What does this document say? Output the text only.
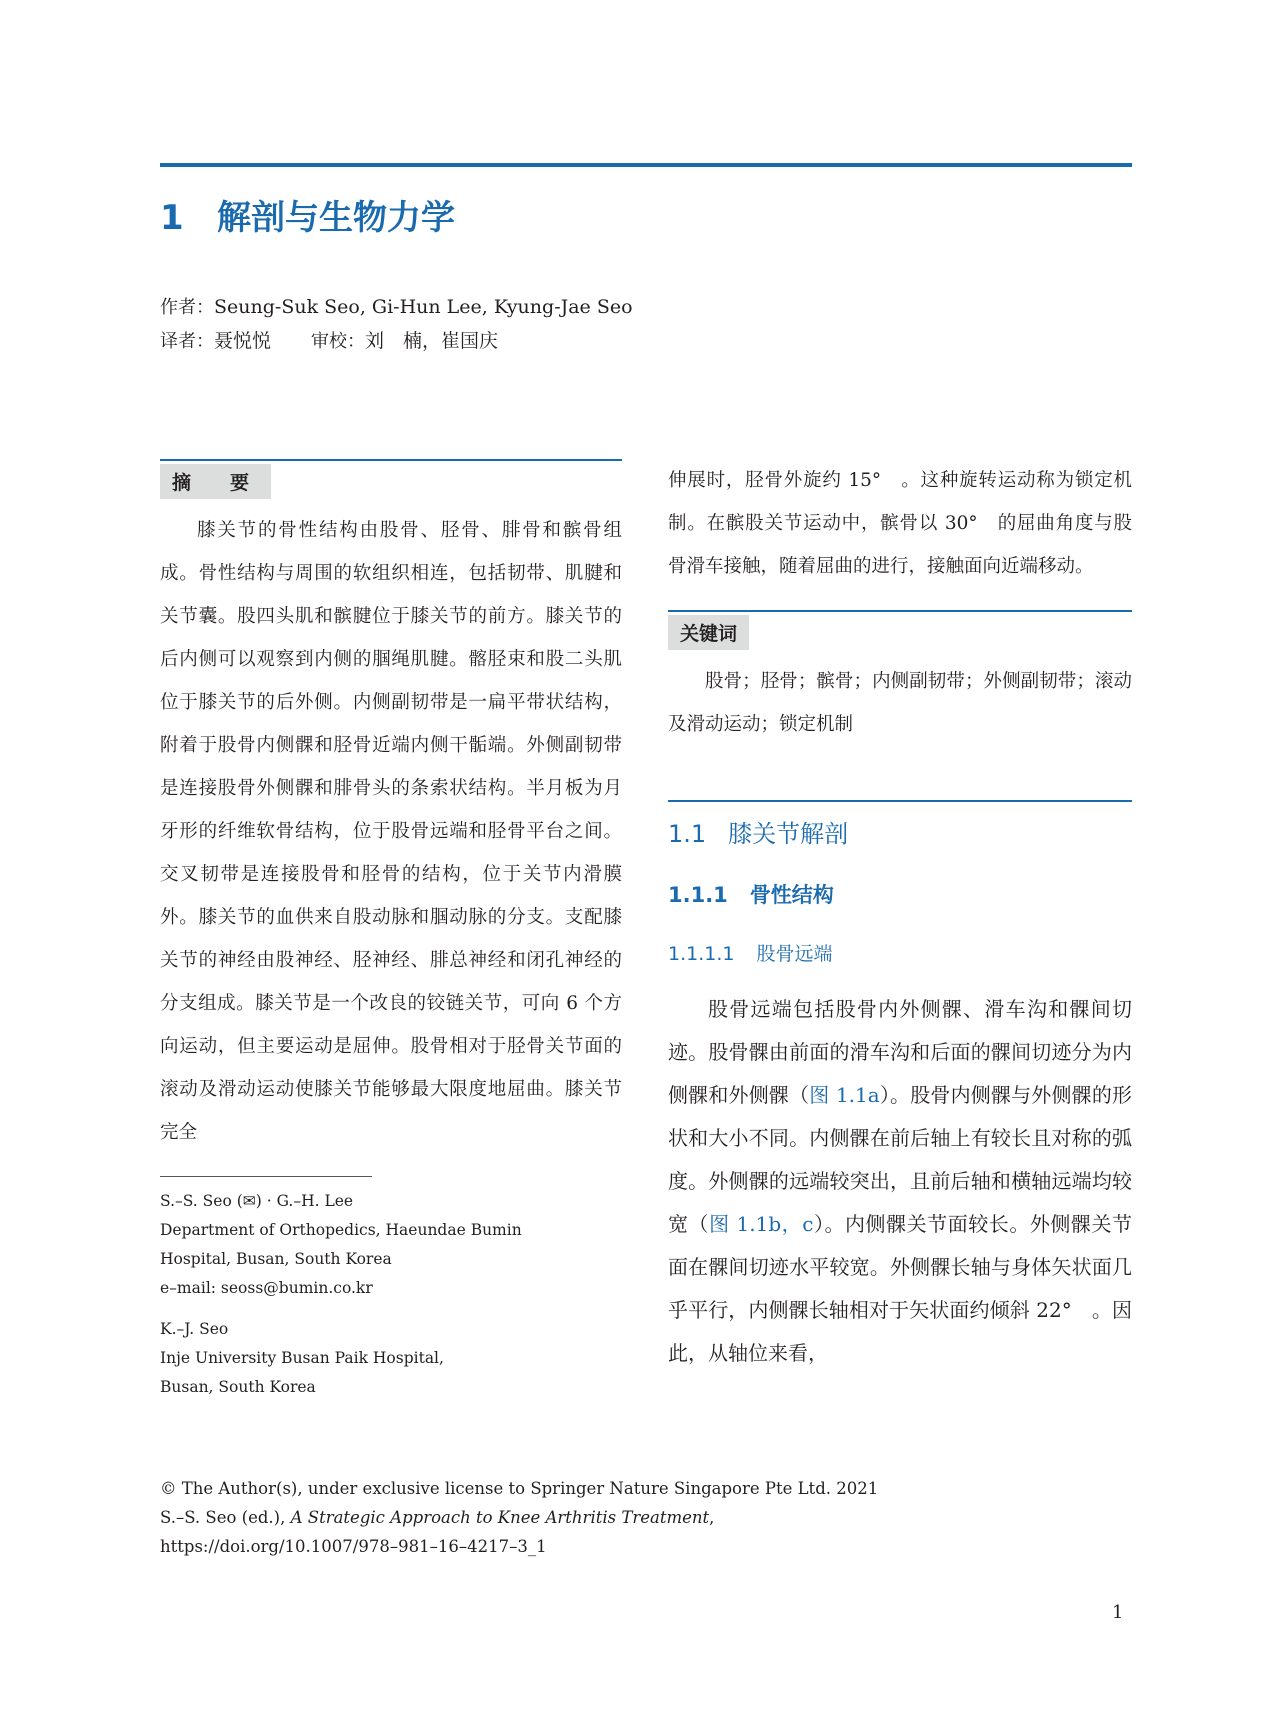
1 解剖与生物力学
作者：Seung-Suk Seo, Gi-Hun Lee, Kyung-Jae Seo
译者：聂悦悦 审校：刘　楠，崔国庆
摘　要

膝关节的骨性结构由股骨、胫骨、腓骨和髌骨组成。骨性结构与周围的软组织相连，包括韧带、肌腱和关节囊。股四头肌和髌腱位于膝关节的前方。膝关节的后内侧可以观察到内侧的腘绳肌腱。髂胫束和股二头肌位于膝关节的后外侧。内侧副韧带是一扁平带状结构，附着于股骨内侧髁和胫骨近端内侧干骺端。外侧副韧带是连接股骨外侧髁和腓骨头的条索状结构。半月板为月牙形的纤维软骨结构，位于股骨远端和胫骨平台之间。交叉韧带是连接股骨和胫骨的结构，位于关节内滑膜外。膝关节的血供来自股动脉和腘动脉的分支。支配膝关节的神经由股神经、胫神经、腓总神经和闭孔神经的分支组成。膝关节是一个改良的铰链关节，可向 6 个方向运动，但主要运动是屈伸。股骨相对于胫骨关节面的滚动及滑动运动使膝关节能够最大限度地屈曲。膝关节完全

S.–S. Seo (✉) · G.–H. Lee
Department of Orthopedics, Haeundae Bumin
Hospital, Busan, South Korea
e–mail: seoss@bumin.co.kr
K.–J. Seo
Inje University Busan Paik Hospital,
Busan, South Korea

伸展时，胫骨外旋约 15°　。这种旋转运动称为锁定机制。在髌股关节运动中，髌骨以 30°　的屈曲角度与股骨滑车接触，随着屈曲的进行，接触面向近端移动。

关键词

股骨；胫骨；髌骨；内侧副韧带；外侧副韧带；滚动及滑动运动；锁定机制

1.1 膝关节解剖
1.1.1 骨性结构
1.1.1.1 股骨远端

股骨远端包括股骨内外侧髁、滑车沟和髁间切迹。股骨髁由前面的滑车沟和后面的髁间切迹分为内侧髁和外侧髁（图 1.1a）。股骨内侧髁与外侧髁的形状和大小不同。内侧髁在前后轴上有较长且对称的弧度。外侧髁的远端较突出，且前后轴和横轴远端均较宽（图 1.1b，c）。内侧髁关节面较长。外侧髁关节面在髁间切迹水平较宽。外侧髁长轴与身体矢状面几乎平行，内侧髁长轴相对于矢状面约倾斜 22°　。因此，从轴位来看，

© The Author(s), under exclusive license to Springer Nature Singapore Pte Ltd. 2021
S.–S. Seo (ed.), A Strategic Approach to Knee Arthritis Treatment,
https://doi.org/10.1007/978–981–16–4217–3_1
1
